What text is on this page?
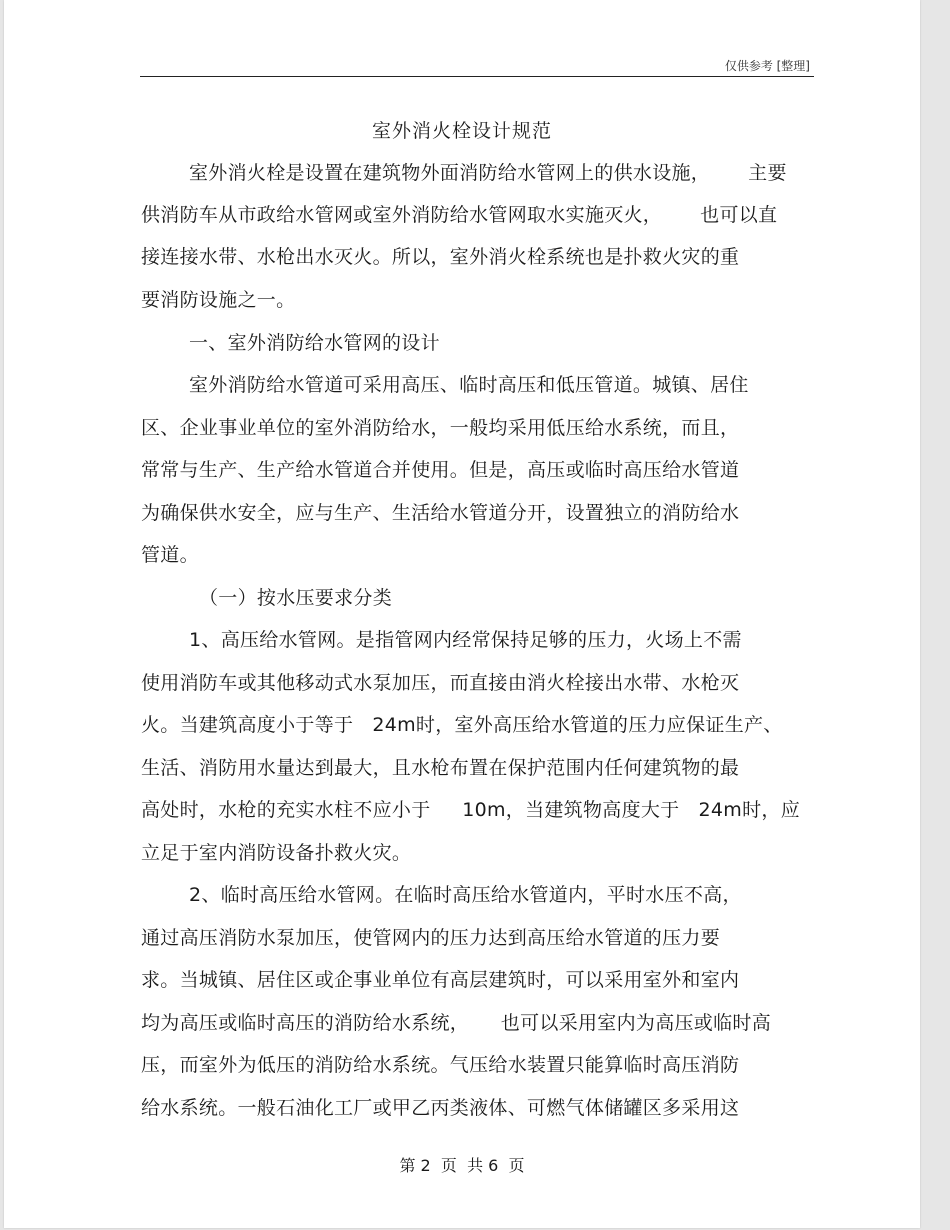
仅供参考 [整理]
室外消火栓设计规范
室外消火栓是设置在建筑物外面消防给水管网上的供水设施，      主要
供消防车从市政给水管网或室外消防给水管网取水实施灭火，      也可以直
接连接水带、水枪出水灭火。所以，室外消火栓系统也是扑救火灾的重
要消防设施之一。
一、室外消防给水管网的设计
室外消防给水管道可采用高压、临时高压和低压管道。城镇、居住
区、企业事业单位的室外消防给水，一般均采用低压给水系统，而且，
常常与生产、生产给水管道合并使用。但是，高压或临时高压给水管道
为确保供水安全，应与生产、生活给水管道分开，设置独立的消防给水
管道。
（一）按水压要求分类
1、高压给水管网。是指管网内经常保持足够的压力，火场上不需
使用消防车或其他移动式水泵加压，而直接由消火栓接出水带、水枪灭
火。当建筑高度小于等于   24m时，室外高压给水管道的压力应保证生产、
生活、消防用水量达到最大，且水枪布置在保护范围内任何建筑物的最
高处时，水枪的充实水柱不应小于     10m，当建筑物高度大于   24m时，应
立足于室内消防设备扑救火灾。
2、临时高压给水管网。在临时高压给水管道内，平时水压不高，
通过高压消防水泵加压，使管网内的压力达到高压给水管道的压力要
求。当城镇、居住区或企事业单位有高层建筑时，可以采用室外和室内
均为高压或临时高压的消防给水系统，     也可以采用室内为高压或临时高
压，而室外为低压的消防给水系统。气压给水装置只能算临时高压消防
给水系统。一般石油化工厂或甲乙丙类液体、可燃气体储罐区多采用这
第 2  页  共 6  页
